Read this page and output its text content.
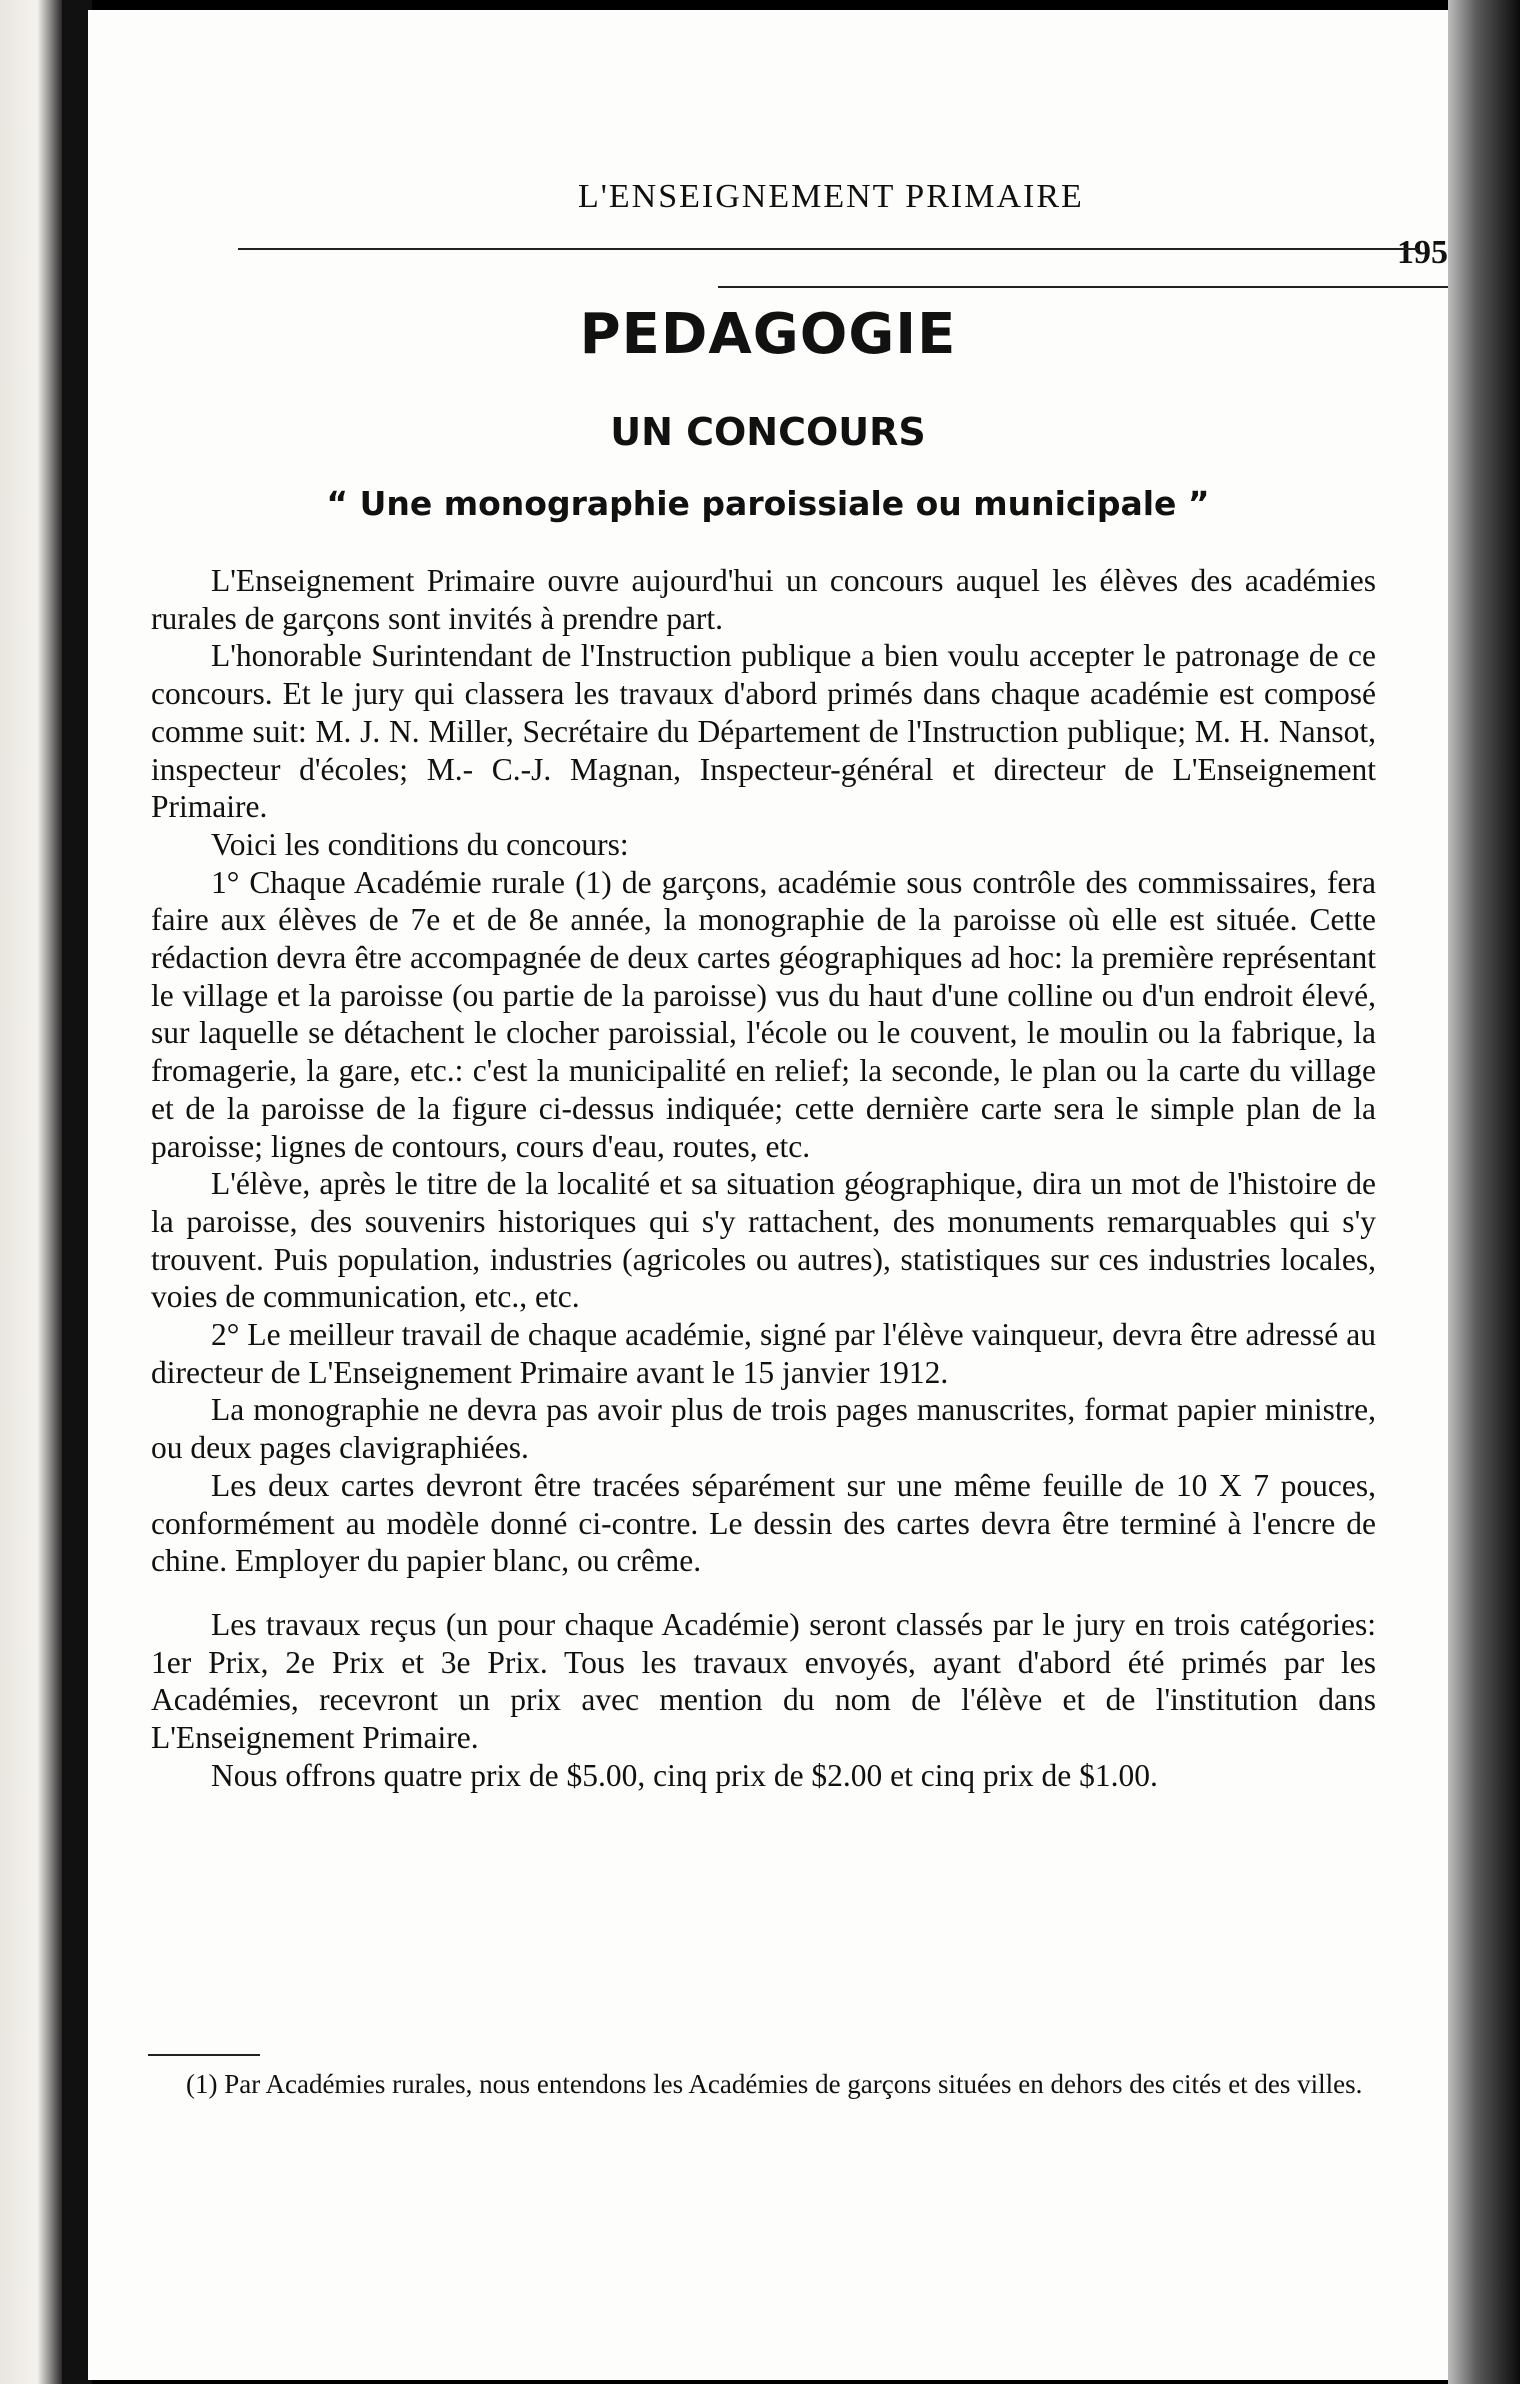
L'ENSEIGNEMENT PRIMAIRE
195
PEDAGOGIE
UN CONCOURS
“ Une monographie paroissiale ou municipale ”

L'Enseignement Primaire ouvre aujourd'hui un concours auquel les élèves des académies rurales de garçons sont invités à prendre part.

L'honorable Surintendant de l'Instruction publique a bien voulu accepter le patronage de ce concours. Et le jury qui classera les travaux d'abord primés dans chaque académie est composé comme suit: M. J. N. Miller, Secrétaire du Département de l'Instruction publique; M. H. Nansot, inspecteur d'écoles; M.- C.-J. Magnan, Inspecteur-général et directeur de L'Enseignement Primaire.

Voici les conditions du concours:

1° Chaque Académie rurale (1) de garçons, académie sous contrôle des commissaires, fera faire aux élèves de 7e et de 8e année, la monographie de la paroisse où elle est située. Cette rédaction devra être accompagnée de deux cartes géographiques ad hoc: la première représentant le village et la paroisse (ou partie de la paroisse) vus du haut d'une colline ou d'un endroit élevé, sur laquelle se détachent le clocher paroissial, l'école ou le couvent, le moulin ou la fabrique, la fromagerie, la gare, etc.: c'est la municipalité en relief; la seconde, le plan ou la carte du village et de la paroisse de la figure ci-dessus indiquée; cette dernière carte sera le simple plan de la paroisse; lignes de contours, cours d'eau, routes, etc.

L'élève, après le titre de la localité et sa situation géographique, dira un mot de l'histoire de la paroisse, des souvenirs historiques qui s'y rattachent, des monuments remarquables qui s'y trouvent. Puis population, industries (agricoles ou autres), statistiques sur ces industries locales, voies de communication, etc., etc.

2° Le meilleur travail de chaque académie, signé par l'élève vainqueur, devra être adressé au directeur de L'Enseignement Primaire avant le 15 janvier 1912.

La monographie ne devra pas avoir plus de trois pages manuscrites, format papier ministre, ou deux pages clavigraphiées.

Les deux cartes devront être tracées séparément sur une même feuille de 10 X 7 pouces, conformément au modèle donné ci-contre. Le dessin des cartes devra être terminé à l'encre de chine. Employer du papier blanc, ou crême.

Les travaux reçus (un pour chaque Académie) seront classés par le jury en trois catégories: 1er Prix, 2e Prix et 3e Prix. Tous les travaux envoyés, ayant d'abord été primés par les Académies, recevront un prix avec mention du nom de l'élève et de l'institution dans L'Enseignement Primaire.

Nous offrons quatre prix de $5.00, cinq prix de $2.00 et cinq prix de $1.00.

(1) Par Académies rurales, nous entendons les Académies de garçons situées en dehors des cités et des villes.
